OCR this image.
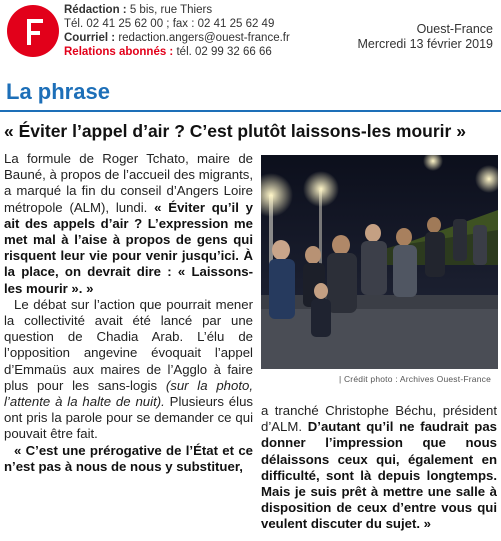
Rédaction : 5 bis, rue Thiers
Tél. 02 41 25 62 00 ; fax : 02 41 25 62 49
Courriel : redaction.angers@ouest-france.fr
Relations abonnés : tél. 02 99 32 66 66
Ouest-France
Mercredi 13 février 2019
La phrase
« Éviter l’appel d’air ? C’est plutôt laissons-les mourir »

La formule de Roger Tchato, maire de Bauné, à propos de l’accueil des migrants, a marqué la fin du conseil d’Angers Loire métropole (ALM), lundi. « Éviter qu’il y ait des appels d’air ? L’expression me met mal à l’aise à propos de gens qui risquent leur vie pour venir jusqu’ici. À la place, on devrait dire : « Laissons-les mourir ». »

Le débat sur l’action que pourrait mener la collectivité avait été lancé par une question de Chadia Arab. L’élu de l’opposition angevine évoquait l’appel d’Emmaüs aux maires de l’Agglo à faire plus pour les sans-logis (sur la photo, l’attente à la halte de nuit). Plusieurs élus ont pris la parole pour se demander ce qui pouvait être fait.

« C’est une prérogative de l’État et ce n’est pas à nous de nous y substituer,

| Crédit photo : Archives Ouest-France

a tranché Christophe Béchu, président d’ALM. D’autant qu’il ne faudrait pas donner l’impression que nous délaissons ceux qui, également en difficulté, sont là depuis longtemps. Mais je suis prêt à mettre une salle à disposition de ceux d’entre vous qui veulent discuter du sujet. »
